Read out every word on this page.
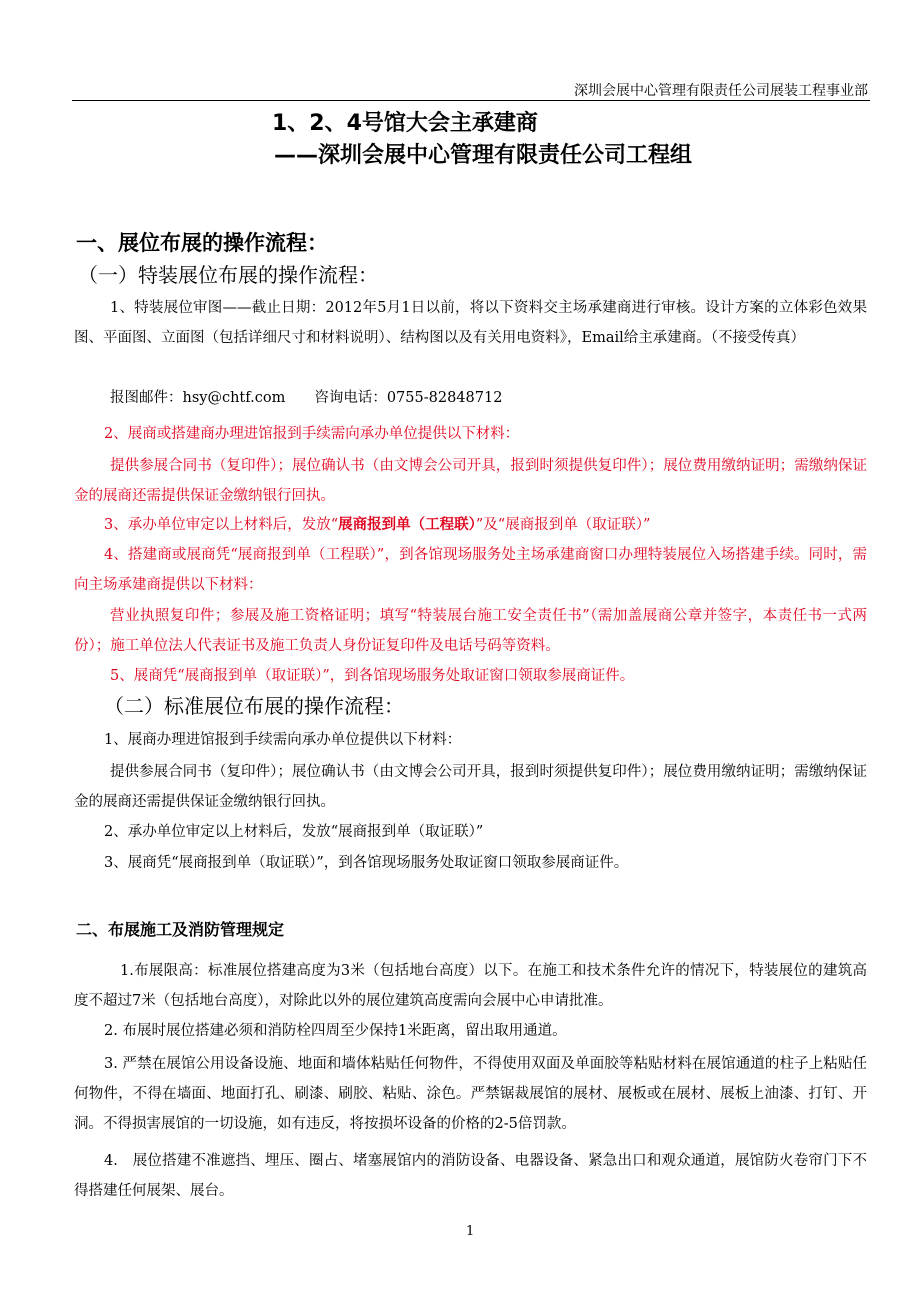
深圳会展中心管理有限责任公司展装工程事业部
1、2、4号馆大会主承建商
——深圳会展中心管理有限责任公司工程组
一、展位布展的操作流程：
（一）特装展位布展的操作流程：
1、特装展位审图——截止日期：2012年5月1日以前，将以下资料交主场承建商进行审核。设计方案的立体彩色效果图、平面图、立面图（包括详细尺寸和材料说明）、结构图以及有关用电资料》，Email给主承建商。（不接受传真）
报图邮件：hsy@chtf.com　　咨询电话：0755-82848712
2、展商或搭建商办理进馆报到手续需向承办单位提供以下材料：
提供参展合同书（复印件）；展位确认书（由文博会公司开具，报到时须提供复印件）；展位费用缴纳证明；需缴纳保证金的展商还需提供保证金缴纳银行回执。
3、承办单位审定以上材料后，发放“展商报到单（工程联）”及“展商报到单（取证联）”
4、搭建商或展商凭“展商报到单（工程联）”，到各馆现场服务处主场承建商窗口办理特装展位入场搭建手续。同时，需向主场承建商提供以下材料：
营业执照复印件；参展及施工资格证明；填写“特装展台施工安全责任书”（需加盖展商公章并签字，本责任书一式两份）；施工单位法人代表证书及施工负责人身份证复印件及电话号码等资料。
5、展商凭“展商报到单（取证联）”，到各馆现场服务处取证窗口领取参展商证件。
（二）标准展位布展的操作流程：
1、展商办理进馆报到手续需向承办单位提供以下材料：
提供参展合同书（复印件）；展位确认书（由文博会公司开具，报到时须提供复印件）；展位费用缴纳证明；需缴纳保证金的展商还需提供保证金缴纳银行回执。
2、承办单位审定以上材料后，发放“展商报到单（取证联）”
3、展商凭“展商报到单（取证联）”，到各馆现场服务处取证窗口领取参展商证件。
二、布展施工及消防管理规定
1.布展限高：标准展位搭建高度为3米（包括地台高度）以下。在施工和技术条件允许的情况下，特装展位的建筑高度不超过7米（包括地台高度），对除此以外的展位建筑高度需向会展中心申请批准。
2. 布展时展位搭建必须和消防栓四周至少保持1米距离，留出取用通道。
3. 严禁在展馆公用设备设施、地面和墙体粘贴任何物件，不得使用双面及单面胶等粘贴材料在展馆通道的柱子上粘贴任何物件，不得在墙面、地面打孔、刷漆、刷胶、粘贴、涂色。严禁锯裁展馆的展材、展板或在展材、展板上油漆、打钉、开洞。不得损害展馆的一切设施，如有违反，将按损坏设备的价格的2-5倍罚款。
4.　展位搭建不准遮挡、埋压、圈占、堵塞展馆内的消防设备、电器设备、紧急出口和观众通道，展馆防火卷帘门下不得搭建任何展架、展台。
1
